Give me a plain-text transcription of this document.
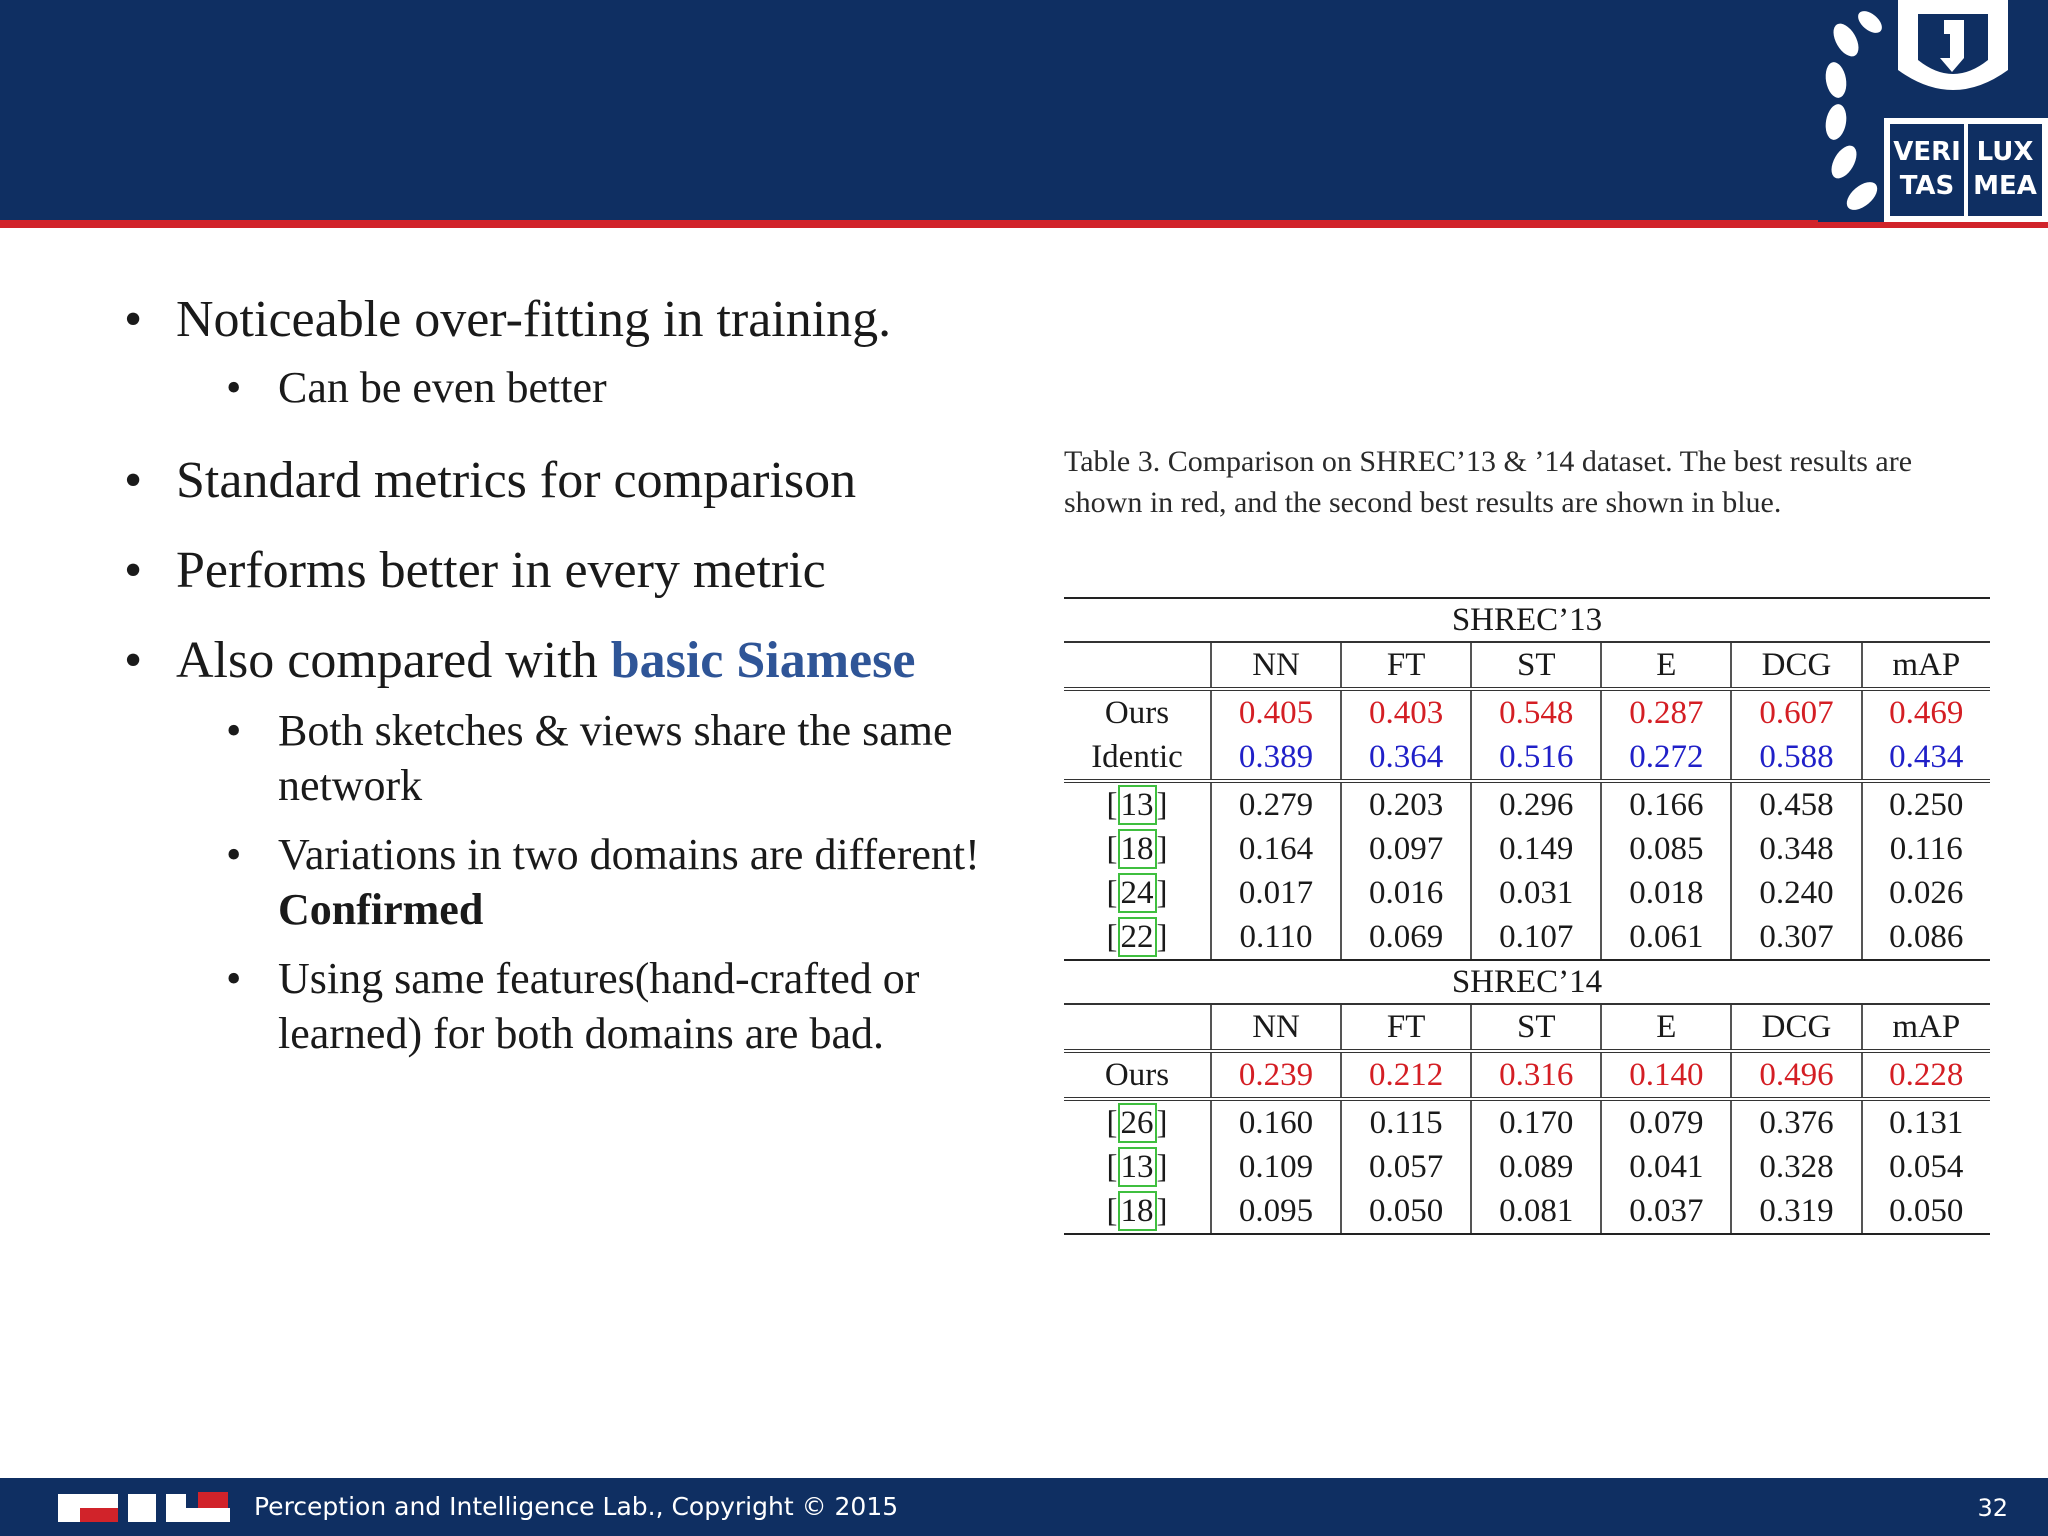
VERI LUX
TAS MEA
• Noticeable over-fitting in training.
• Can be even better
• Standard metrics for comparison
• Performs better in every metric
• Also compared with basic Siamese
• Both sketches & views share the same network
• Variations in two domains are different! Confirmed
• Using same features(hand-crafted or learned) for both domains are bad.
Table 3. Comparison on SHREC’13 & ’14 dataset. The best results are shown in red, and the second best results are shown in blue.
SHREC’13						
	NN	FT	ST	E	DCG	mAP
Ours	0.405	0.403	0.548	0.287	0.607	0.469
Identic	0.389	0.364	0.516	0.272	0.588	0.434
[13]	0.279	0.203	0.296	0.166	0.458	0.250
[18]	0.164	0.097	0.149	0.085	0.348	0.116
[24]	0.017	0.016	0.031	0.018	0.240	0.026
[22]	0.110	0.069	0.107	0.061	0.307	0.086
SHREC’14						
	NN	FT	ST	E	DCG	mAP
Ours	0.239	0.212	0.316	0.140	0.496	0.228
[26]	0.160	0.115	0.170	0.079	0.376	0.131
[13]	0.109	0.057	0.089	0.041	0.328	0.054
[18]	0.095	0.050	0.081	0.037	0.319	0.050
Perception and Intelligence Lab., Copyright © 2015	32
